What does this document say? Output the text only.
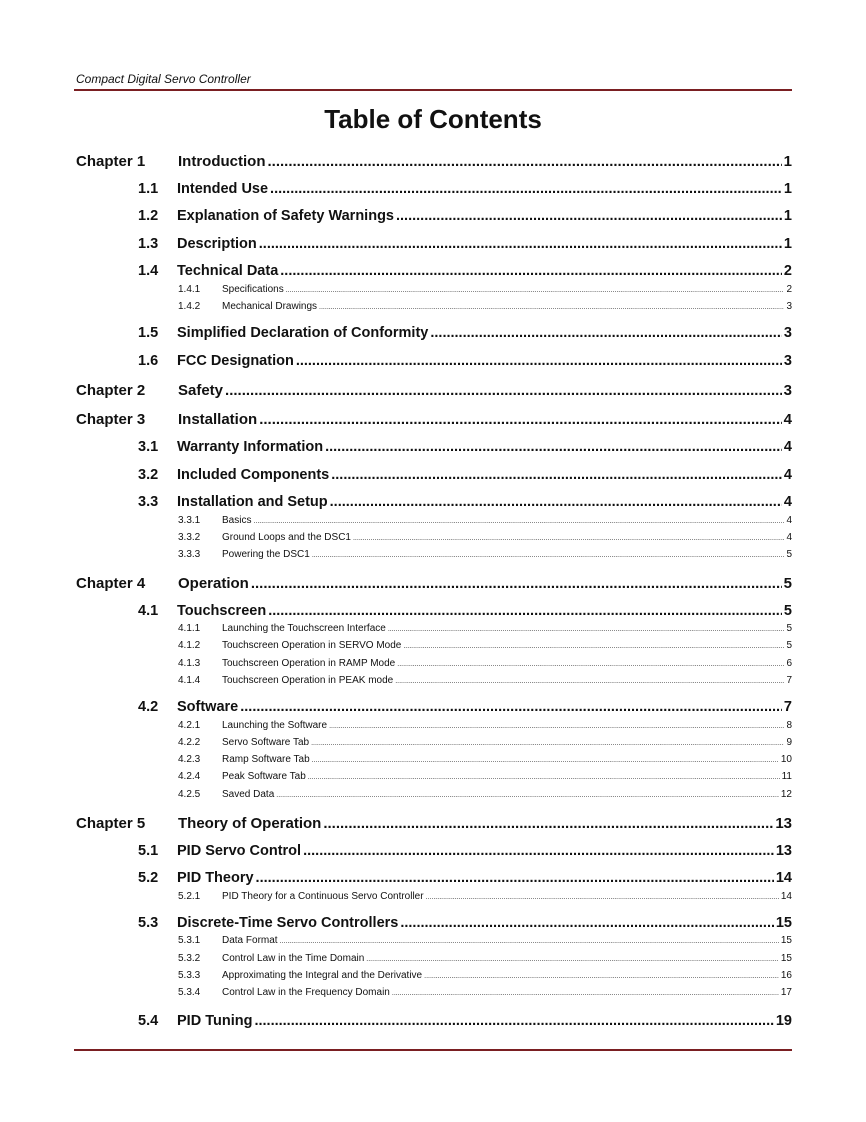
Compact Digital Servo Controller
Table of Contents
Chapter 1	Introduction .....	1
1.1	Intended Use .....	1
1.2	Explanation of Safety Warnings .....	1
1.3	Description .....	1
1.4	Technical Data .....	2
1.4.1	Specifications .....	2
1.4.2	Mechanical Drawings .....	3
1.5	Simplified Declaration of Conformity .....	3
1.6	FCC Designation .....	3
Chapter 2	Safety .....	3
Chapter 3	Installation .....	4
3.1	Warranty Information .....	4
3.2	Included Components .....	4
3.3	Installation and Setup .....	4
3.3.1	Basics .....	4
3.3.2	Ground Loops and the DSC1 .....	4
3.3.3	Powering the DSC1 .....	5
Chapter 4	Operation .....	5
4.1	Touchscreen .....	5
4.1.1	Launching the Touchscreen Interface .....	5
4.1.2	Touchscreen Operation in SERVO Mode .....	5
4.1.3	Touchscreen Operation in RAMP Mode .....	6
4.1.4	Touchscreen Operation in PEAK mode .....	7
4.2	Software .....	7
4.2.1	Launching the Software .....	8
4.2.2	Servo Software Tab .....	9
4.2.3	Ramp Software Tab .....	10
4.2.4	Peak Software Tab .....	11
4.2.5	Saved Data .....	12
Chapter 5	Theory of Operation .....	13
5.1	PID Servo Control .....	13
5.2	PID Theory .....	14
5.2.1	PID Theory for a Continuous Servo Controller .....	14
5.3	Discrete-Time Servo Controllers .....	15
5.3.1	Data Format .....	15
5.3.2	Control Law in the Time Domain .....	15
5.3.3	Approximating the Integral and the Derivative .....	16
5.3.4	Control Law in the Frequency Domain .....	17
5.4	PID Tuning .....	19
